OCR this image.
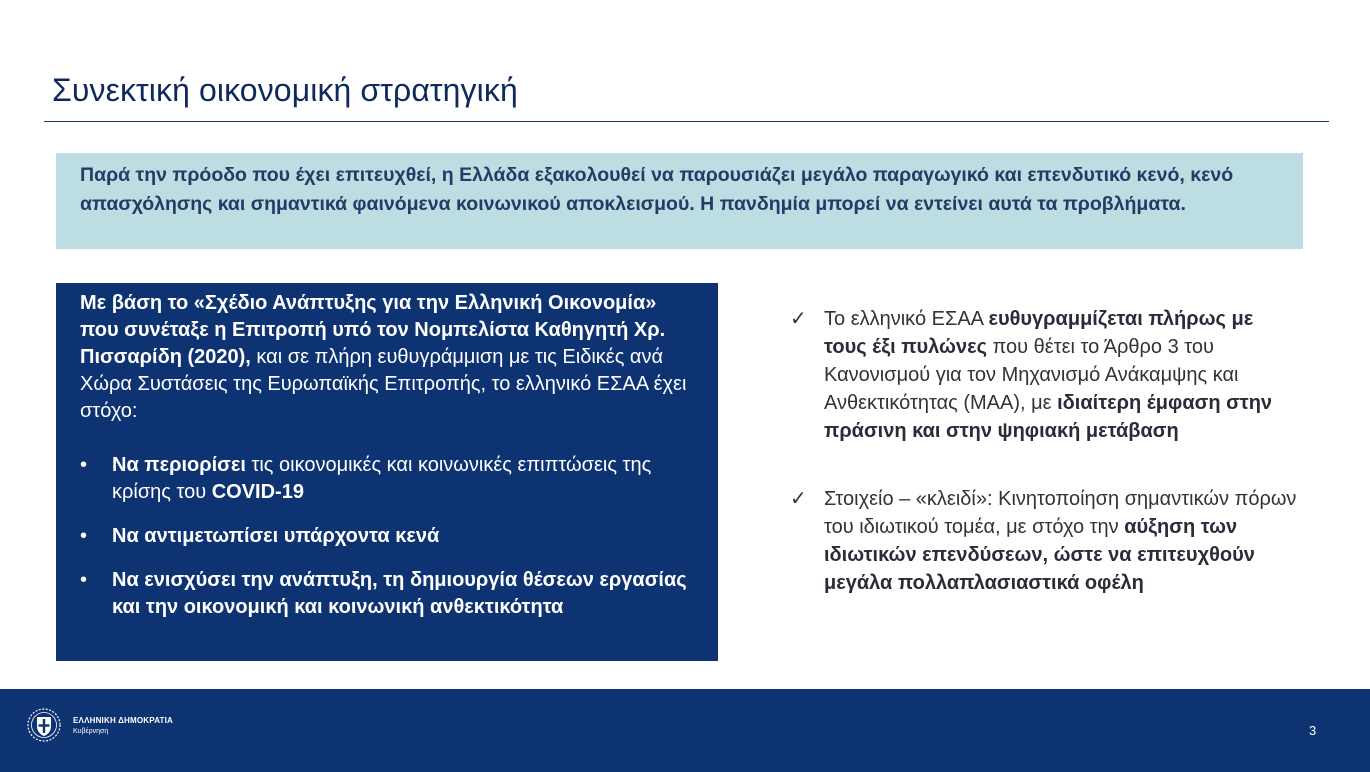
Συνεκτική οικονομική στρατηγική
Παρά την πρόοδο που έχει επιτευχθεί, η Ελλάδα εξακολουθεί να παρουσιάζει μεγάλο παραγωγικό και επενδυτικό κενό, κενό απασχόλησης και σημαντικά φαινόμενα κοινωνικού αποκλεισμού. Η πανδημία μπορεί να εντείνει αυτά τα προβλήματα.
Με βάση το «Σχέδιο Ανάπτυξης για την Ελληνική Οικονομία» που συνέταξε η Επιτροπή υπό τον Νομπελίστα Καθηγητή Χρ. Πισσαρίδη (2020), και σε πλήρη ευθυγράμμιση με τις Ειδικές ανά Χώρα Συστάσεις της Ευρωπαϊκής Επιτροπής, το ελληνικό ΕΣΑΑ έχει στόχο:
• Να περιορίσει τις οικονομικές και κοινωνικές επιπτώσεις της κρίσης του COVID-19
• Να αντιμετωπίσει υπάρχοντα κενά
• Να ενισχύσει την ανάπτυξη, τη δημιουργία θέσεων εργασίας και την οικονομική και κοινωνική ανθεκτικότητα
✓ Το ελληνικό ΕΣΑΑ ευθυγραμμίζεται πλήρως με τους έξι πυλώνες που θέτει το Άρθρο 3 του Κανονισμού για τον Μηχανισμό Ανάκαμψης και Ανθεκτικότητας (ΜΑΑ), με ιδιαίτερη έμφαση στην πράσινη και στην ψηφιακή μετάβαση
✓ Στοιχείο – «κλειδί»: Κινητοποίηση σημαντικών πόρων του ιδιωτικού τομέα, με στόχο την αύξηση των ιδιωτικών επενδύσεων, ώστε να επιτευχθούν μεγάλα πολλαπλασιαστικά οφέλη
ΕΛΛΗΝΙΚΗ ΔΗΜΟΚΡΑΤΙΑ
Κυβέρνηση	3
